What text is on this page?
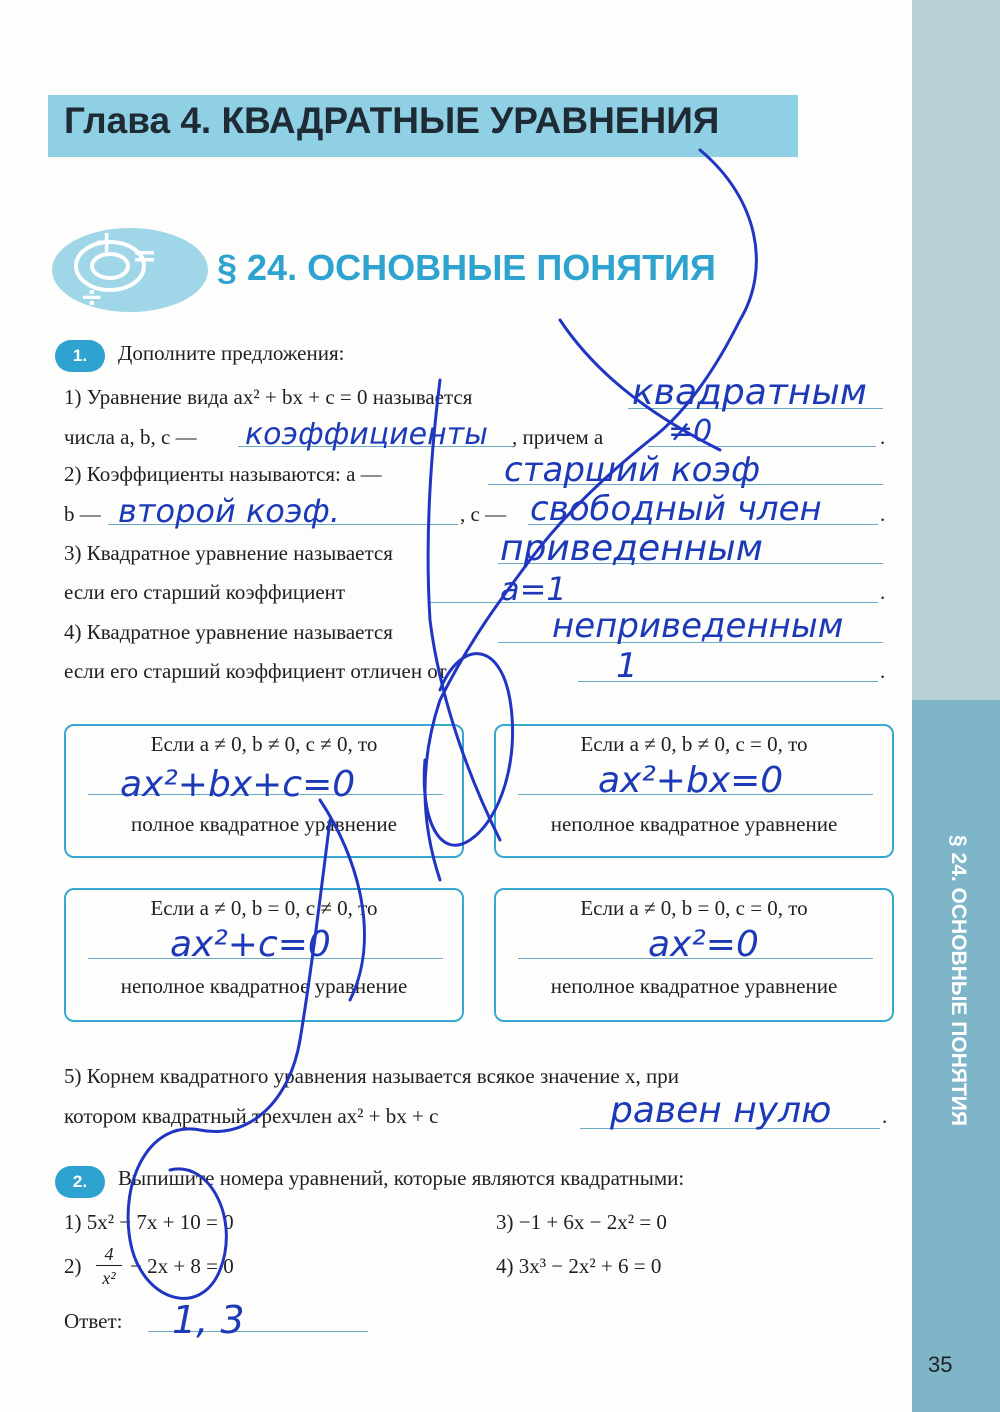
§ 24. ОСНОВНЫЕ ПОНЯТИЯ
35
Глава 4. КВАДРАТНЫЕ УРАВНЕНИЯ
+ =
÷
§ 24. ОСНОВНЫЕ ПОНЯТИЯ
1.	Дополните предложения:
1) Уравнение вида ax² + bx + c = 0 называется
числа a, b, c —	, причем a	.
2) Коэффициенты называются: a —
b —	, c —	.
3) Квадратное уравнение называется
если его старший коэффициент	.
4) Квадратное уравнение называется
если его старший коэффициент отличен от	.
Если a ≠ 0, b ≠ 0, c ≠ 0, то
полное квадратное уравнение
Если a ≠ 0, b ≠ 0, c = 0, то
неполное квадратное уравнение
Если a ≠ 0, b = 0, c ≠ 0, то
неполное квадратное уравнение
Если a ≠ 0, b = 0, c = 0, то
неполное квадратное уравнение
5) Корнем квадратного уравнения называется всякое значение x, при
котором квадратный трехчлен ax² + bx + c	.
2.	Выпишите номера уравнений, которые являются квадратными:
1) 5x² − 7x + 10 = 0	3) −1 + 6x − 2x² = 0
2)	4
x² − 2x + 8 = 0	4) 3x³ − 2x² + 6 = 0
Ответ:
квадратным
коэффициенты	≠0
старший коэф
второй коэф.	свободный член
приведенным
a=1
неприведенным
1
ax²+bx+c=0	ax²+bx=0
ax²+c=0	ax²=0
равен нулю
1, 3
